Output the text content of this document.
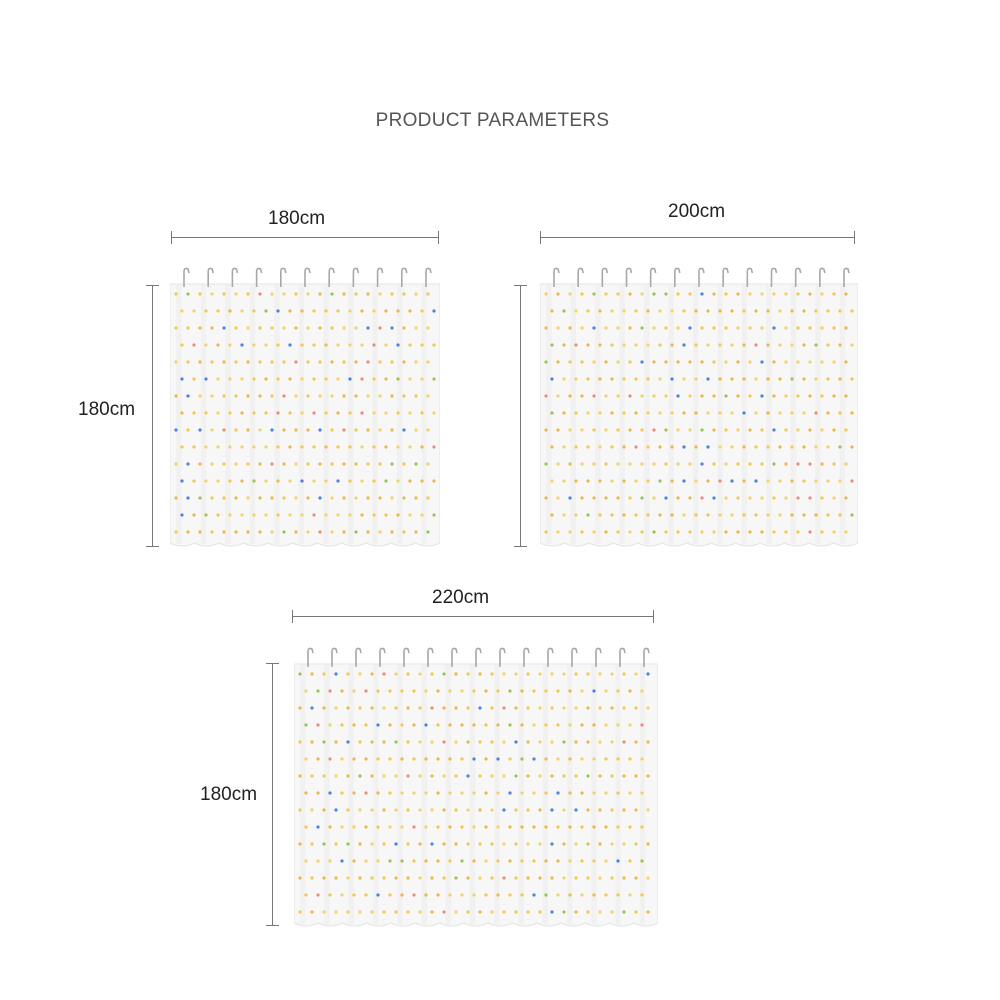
PRODUCT PARAMETERS
180cm
180cm
200cm
220cm
180cm
